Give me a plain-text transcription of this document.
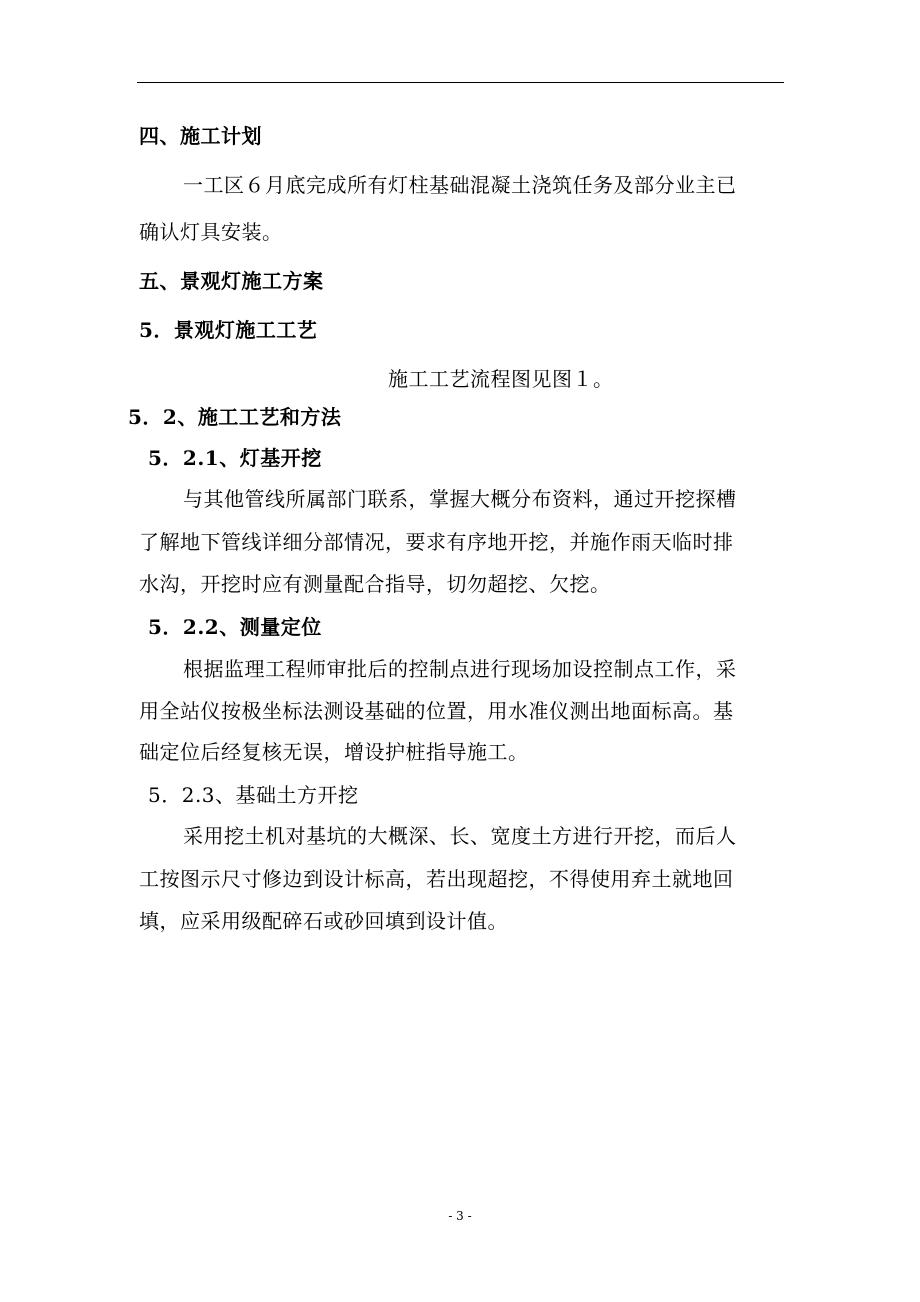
四、施工计划
一工区６月底完成所有灯柱基础混凝土浇筑任务及部分业主已
确认灯具安装。
五、景观灯施工方案
5．景观灯施工工艺
施工工艺流程图见图１。
5．2、施工工艺和方法
5．2.1、灯基开挖
与其他管线所属部门联系，掌握大概分布资料，通过开挖探槽
了解地下管线详细分部情况，要求有序地开挖，并施作雨天临时排
水沟，开挖时应有测量配合指导，切勿超挖、欠挖。
5．2.2、测量定位
根据监理工程师审批后的控制点进行现场加设控制点工作，采
用全站仪按极坐标法测设基础的位置，用水准仪测出地面标高。基
础定位后经复核无误，增设护桩指导施工。
5．2.3、基础土方开挖
采用挖土机对基坑的大概深、长、宽度土方进行开挖，而后人
工按图示尺寸修边到设计标高，若出现超挖，不得使用弃土就地回
填，应采用级配碎石或砂回填到设计值。
- 3 -
